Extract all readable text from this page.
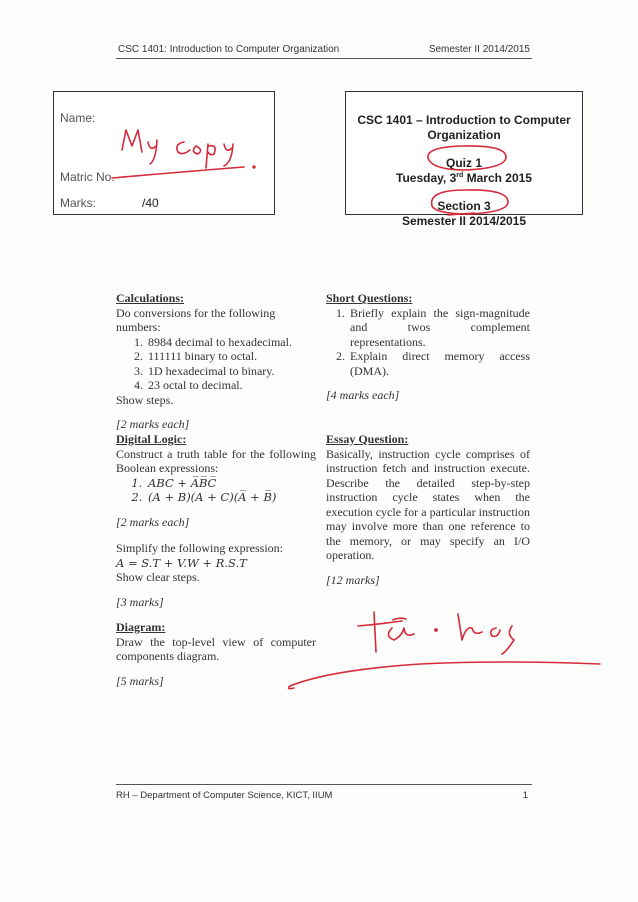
CSC 1401: Introduction to Computer Organization	Semester II 2014/2015
Name:
Matric No.
Marks:	/40
CSC 1401 – Introduction to Computer
Organization
Quiz 1
Tuesday, 3rd March 2015
Section 3
Semester II 2014/2015
Calculations:
Do conversions for the following numbers:
1. 8984 decimal to hexadecimal.
2. 111111 binary to octal.
3. 1D hexadecimal to binary.
4. 23 octal to decimal.
Show steps.
[2 marks each]
Digital Logic:
Construct a truth table for the following Boolean expressions:
1. ABC + A̅B̅C̅
2. (A + B)(A + C)(A̅ + B̅)
[2 marks each]
Simplify the following expression:
A = S.T + V.W + R.S.T
Show clear steps.
[3 marks]
Diagram:
Draw the top-level view of computer components diagram.
[5 marks]
Short Questions:
1. Briefly explain the sign-magnitude and twos complement representations.
2. Explain direct memory access (DMA).
[4 marks each]
Essay Question:
Basically, instruction cycle comprises of instruction fetch and instruction execute. Describe the detailed step-by-step instruction cycle states when the execution cycle for a particular instruction may involve more than one reference to the memory, or may specify an I/O operation.
[12 marks]
RH – Department of Computer Science, KICT, IIUM	1
